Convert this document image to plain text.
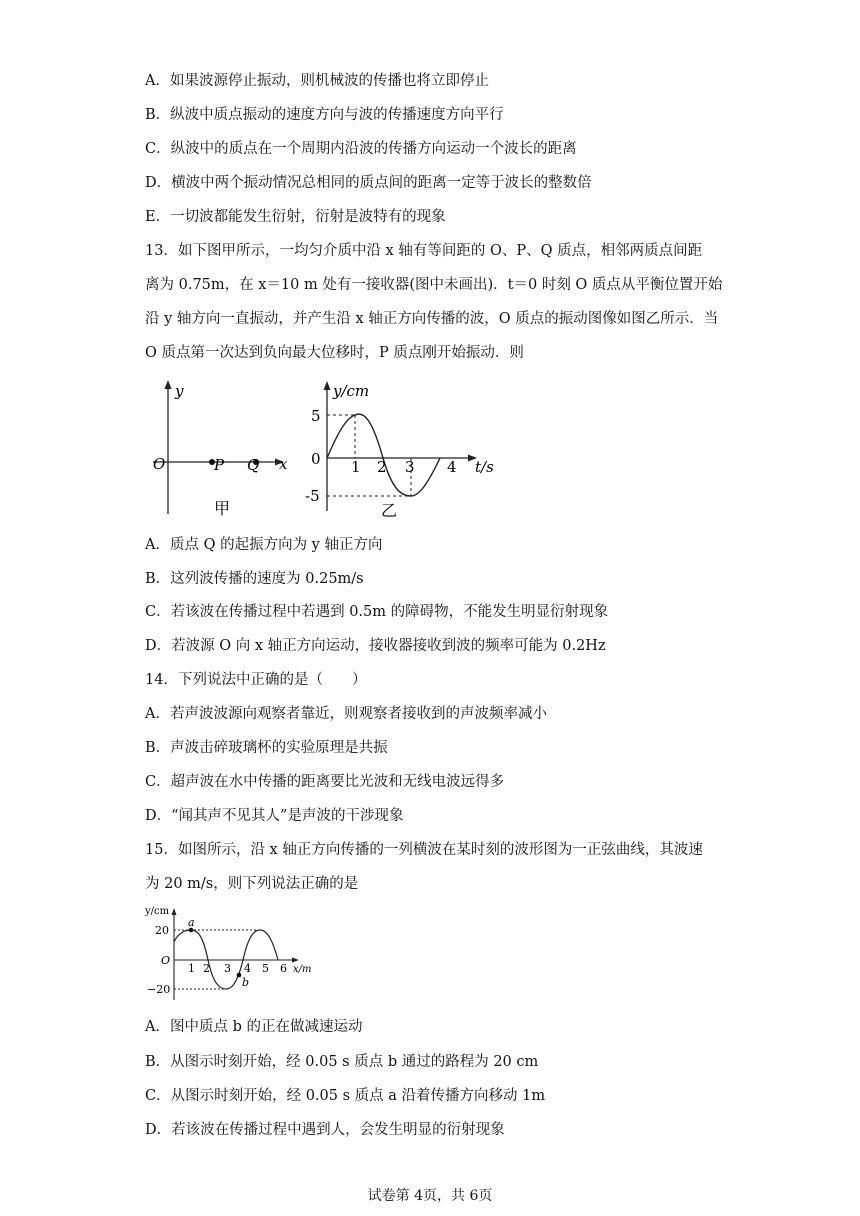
A．如果波源停止振动，则机械波的传播也将立即停止
B．纵波中质点振动的速度方向与波的传播速度方向平行
C．纵波中的质点在一个周期内沿波的传播方向运动一个波长的距离
D．横波中两个振动情况总相同的质点间的距离一定等于波长的整数倍
E．一切波都能发生衍射，衍射是波特有的现象
13．如下图甲所示，一均匀介质中沿 x 轴有等间距的 O、P、Q 质点，相邻两质点间距
离为 0.75m，在 x＝10 m 处有一接收器(图中未画出)．t＝0 时刻 O 质点从平衡位置开始
沿 y 轴方向一直振动，并产生沿 x 轴正方向传播的波，O 质点的振动图像如图乙所示．当
O 质点第一次达到负向最大位移时，P 质点刚开始振动．则
y
O	P Q x
甲
y/cm
5
-5
0 1 2 3 4 t/s
乙
A．质点 Q 的起振方向为 y 轴正方向
B．这列波传播的速度为 0.25m/s
C．若该波在传播过程中若遇到 0.5m 的障碍物，不能发生明显衍射现象
D．若波源 O 向 x 轴正方向运动，接收器接收到波的频率可能为 0.2Hz
14．下列说法中正确的是（　　）
A．若声波波源向观察者靠近，则观察者接收到的声波频率减小
B．声波击碎玻璃杯的实验原理是共振
C．超声波在水中传播的距离要比光波和无线电波远得多
D．“闻其声不见其人”是声波的干涉现象
15．如图所示，沿 x 轴正方向传播的一列横波在某时刻的波形图为一正弦曲线，其波速
为 20 m/s，则下列说法正确的是
y/cm
20
−20
O
1 2 3 4 5 6 x/m
a
b
A．图中质点 b 的正在做减速运动
B．从图示时刻开始，经 0.05 s 质点 b 通过的路程为 20 cm
C．从图示时刻开始，经 0.05 s 质点 a 沿着传播方向移动 1m
D．若该波在传播过程中遇到人，会发生明显的衍射现象
试卷第 4页，共 6页
